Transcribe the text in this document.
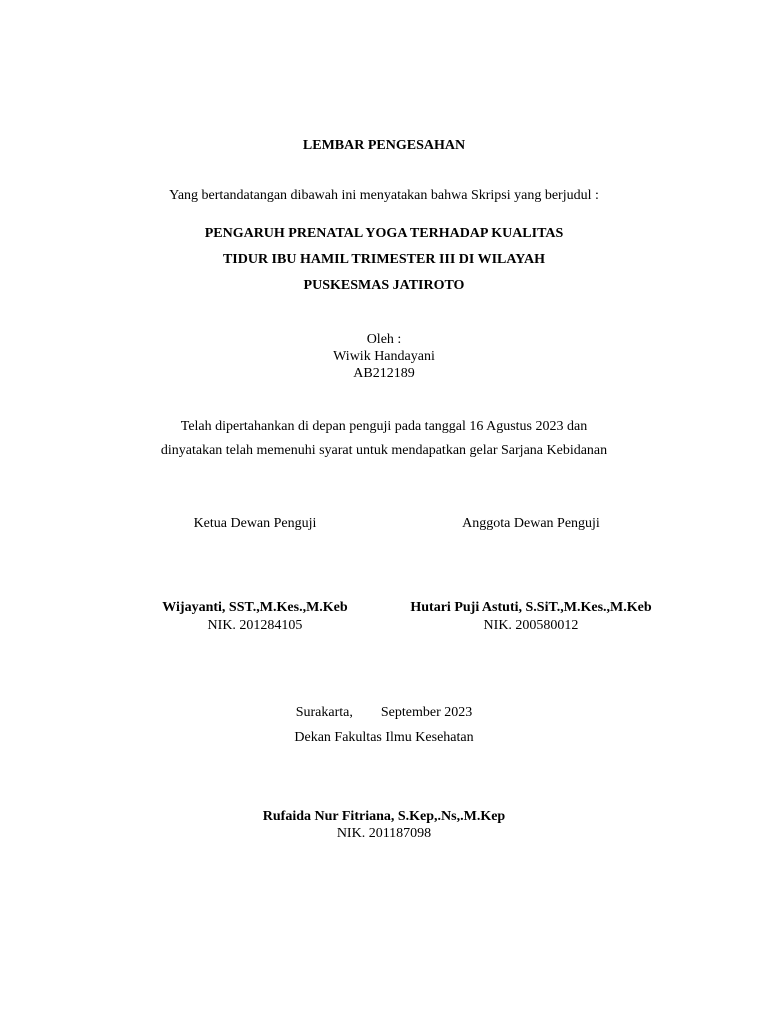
LEMBAR PENGESAHAN
Yang bertandatangan dibawah ini menyatakan bahwa Skripsi yang berjudul :
PENGARUH PRENATAL YOGA TERHADAP KUALITAS
TIDUR IBU HAMIL TRIMESTER III DI WILAYAH
PUSKESMAS JATIROTO
Oleh :
Wiwik Handayani
AB212189
Telah dipertahankan di depan penguji pada tanggal 16 Agustus 2023 dan
dinyatakan telah memenuhi syarat untuk mendapatkan gelar Sarjana Kebidanan
Ketua Dewan Penguji	Anggota Dewan Penguji
Wijayanti, SST.,M.Kes.,M.Keb
NIK. 201284105
Hutari Puji Astuti, S.SiT.,M.Kes.,M.Keb
NIK. 200580012
Surakarta, September 2023
Dekan Fakultas Ilmu Kesehatan
Rufaida Nur Fitriana, S.Kep,.Ns,.M.Kep
NIK. 201187098
